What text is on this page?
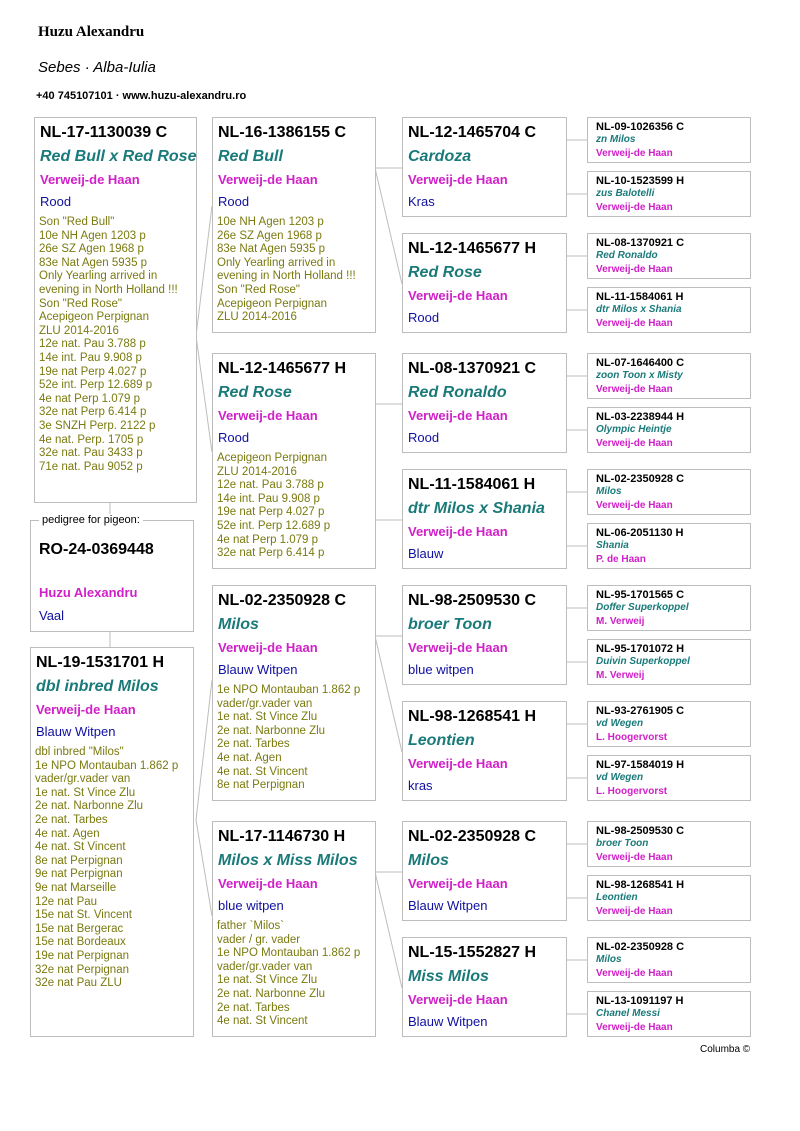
Huzu Alexandru
Sebes · Alba-Iulia
+40 745107101 · www.huzu-alexandru.ro
NL-17-1130039 C
Red Bull x Red Rose
Verweij-de Haan
Rood
Son "Red Bull"
10e NH Agen 1203 p
26e SZ Agen 1968 p
83e Nat Agen 5935 p
Only Yearling arrived in
evening in North Holland !!!
Son "Red Rose"
Acepigeon Perpignan
ZLU 2014-2016
12e nat. Pau 3.788 p
14e int. Pau 9.908 p
19e nat Perp 4.027 p
52e int. Perp 12.689 p
4e nat Perp 1.079 p
32e nat Perp 6.414 p
3e SNZH Perp. 2122 p
4e nat. Perp. 1705 p
32e nat. Pau 3433 p
71e nat. Pau 9052 p
pedigree for pigeon:
RO-24-0369448
Huzu Alexandru
Vaal
NL-19-1531701 H
dbl inbred Milos
Verweij-de Haan
Blauw Witpen
dbl inbred "Milos"
1e NPO Montauban 1.862 p
vader/gr.vader van
1e nat. St Vince Zlu
2e nat. Narbonne Zlu
2e nat. Tarbes
4e nat. Agen
4e nat. St Vincent
8e nat Perpignan
9e nat Perpignan
9e nat Marseille
12e nat Pau
15e nat St. Vincent
15e nat Bergerac
15e nat Bordeaux
19e nat Perpignan
32e nat Perpignan
32e nat Pau ZLU
NL-16-1386155 C
Red Bull
Verweij-de Haan
Rood
10e NH Agen 1203 p
26e SZ Agen 1968 p
83e Nat Agen 5935 p
Only Yearling arrived in
evening in North Holland !!!
Son "Red Rose"
Acepigeon Perpignan
ZLU 2014-2016
NL-12-1465677 H
Red Rose
Verweij-de Haan
Rood
Acepigeon Perpignan
ZLU 2014-2016
12e nat. Pau 3.788 p
14e int. Pau 9.908 p
19e nat Perp 4.027 p
52e int. Perp 12.689 p
4e nat Perp 1.079 p
32e nat Perp 6.414 p
NL-02-2350928 C
Milos
Verweij-de Haan
Blauw Witpen
1e NPO Montauban 1.862 p
vader/gr.vader van
1e nat. St Vince Zlu
2e nat. Narbonne Zlu
2e nat. Tarbes
4e nat. Agen
4e nat. St Vincent
8e nat Perpignan
NL-17-1146730 H
Milos x Miss Milos
Verweij-de Haan
blue witpen
father `Milos`
vader / gr. vader
1e NPO Montauban 1.862 p
vader/gr.vader van
1e nat. St Vince Zlu
2e nat. Narbonne Zlu
2e nat. Tarbes
4e nat. St Vincent
NL-12-1465704 C
Cardoza
Verweij-de Haan
Kras
NL-12-1465677 H
Red Rose
Verweij-de Haan
Rood
NL-08-1370921 C
Red Ronaldo
Verweij-de Haan
Rood
NL-11-1584061 H
dtr Milos x Shania
Verweij-de Haan
Blauw
NL-98-2509530 C
broer Toon
Verweij-de Haan
blue witpen
NL-98-1268541 H
Leontien
Verweij-de Haan
kras
NL-02-2350928 C
Milos
Verweij-de Haan
Blauw Witpen
NL-15-1552827 H
Miss Milos
Verweij-de Haan
Blauw Witpen
NL-09-1026356 C
zn Milos
Verweij-de Haan
NL-10-1523599 H
zus Balotelli
Verweij-de Haan
NL-08-1370921 C
Red Ronaldo
Verweij-de Haan
NL-11-1584061 H
dtr Milos x Shania
Verweij-de Haan
NL-07-1646400 C
zoon Toon x Misty
Verweij-de Haan
NL-03-2238944 H
Olympic Heintje
Verweij-de Haan
NL-02-2350928 C
Milos
Verweij-de Haan
NL-06-2051130 H
Shania
P. de Haan
NL-95-1701565 C
Doffer Superkoppel
M. Verweij
NL-95-1701072 H
Duivin Superkoppel
M. Verweij
NL-93-2761905 C
vd Wegen
L. Hoogervorst
NL-97-1584019 H
vd Wegen
L. Hoogervorst
NL-98-2509530 C
broer Toon
Verweij-de Haan
NL-98-1268541 H
Leontien
Verweij-de Haan
NL-02-2350928 C
Milos
Verweij-de Haan
NL-13-1091197 H
Chanel Messi
Verweij-de Haan
Columba ©
